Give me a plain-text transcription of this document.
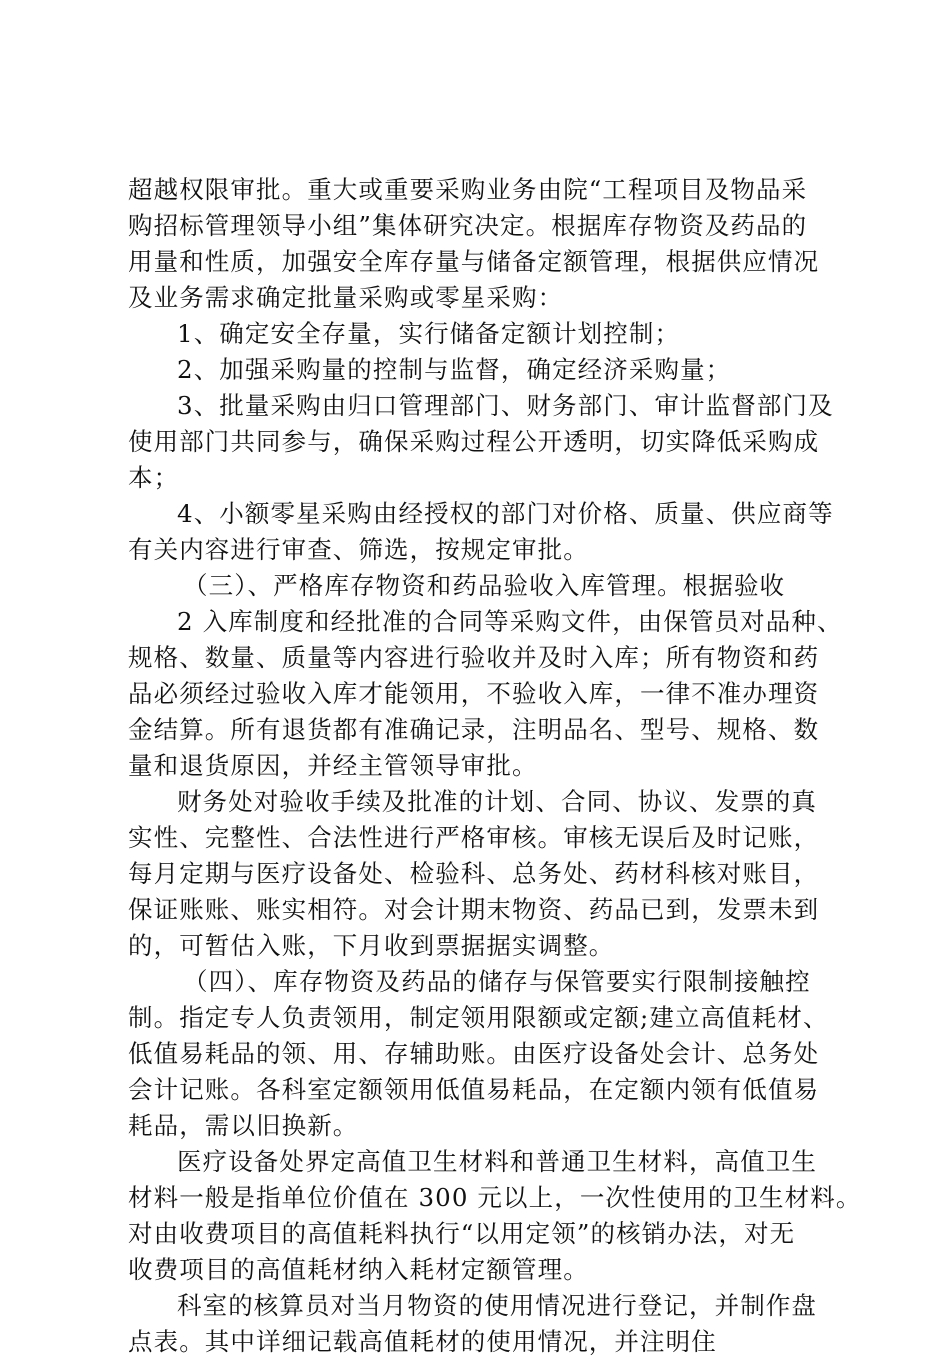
超越权限审批。重大或重要采购业务由院“工程项目及物品采
购招标管理领导小组”集体研究决定。根据库存物资及药品的
用量和性质，加强安全库存量与储备定额管理，根据供应情况
及业务需求确定批量采购或零星采购：
1、确定安全存量，实行储备定额计划控制；
2、加强采购量的控制与监督，确定经济采购量；
3、批量采购由归口管理部门、财务部门、审计监督部门及
使用部门共同参与，确保采购过程公开透明，切实降低采购成
本；
4、小额零星采购由经授权的部门对价格、质量、供应商等
有关内容进行审查、筛选，按规定审批。
（三）、严格库存物资和药品验收入库管理。根据验收
2 入库制度和经批准的合同等采购文件，由保管员对品种、
规格、数量、质量等内容进行验收并及时入库；所有物资和药
品必须经过验收入库才能领用，不验收入库，一律不准办理资
金结算。所有退货都有准确记录，注明品名、型号、规格、数
量和退货原因，并经主管领导审批。
财务处对验收手续及批准的计划、合同、协议、发票的真
实性、完整性、合法性进行严格审核。审核无误后及时记账，
每月定期与医疗设备处、检验科、总务处、药材科核对账目，
保证账账、账实相符。对会计期末物资、药品已到，发票未到
的，可暂估入账，下月收到票据据实调整。
（四）、库存物资及药品的储存与保管要实行限制接触控
制。指定专人负责领用，制定领用限额或定额;建立高值耗材、
低值易耗品的领、用、存辅助账。由医疗设备处会计、总务处
会计记账。各科室定额领用低值易耗品，在定额内领有低值易
耗品，需以旧换新。
医疗设备处界定高值卫生材料和普通卫生材料，高值卫生
材料一般是指单位价值在 300 元以上，一次性使用的卫生材料。
对由收费项目的高值耗料执行“以用定领”的核销办法，对无
收费项目的高值耗材纳入耗材定额管理。
科室的核算员对当月物资的使用情况进行登记，并制作盘
点表。其中详细记载高值耗材的使用情况，并注明住
